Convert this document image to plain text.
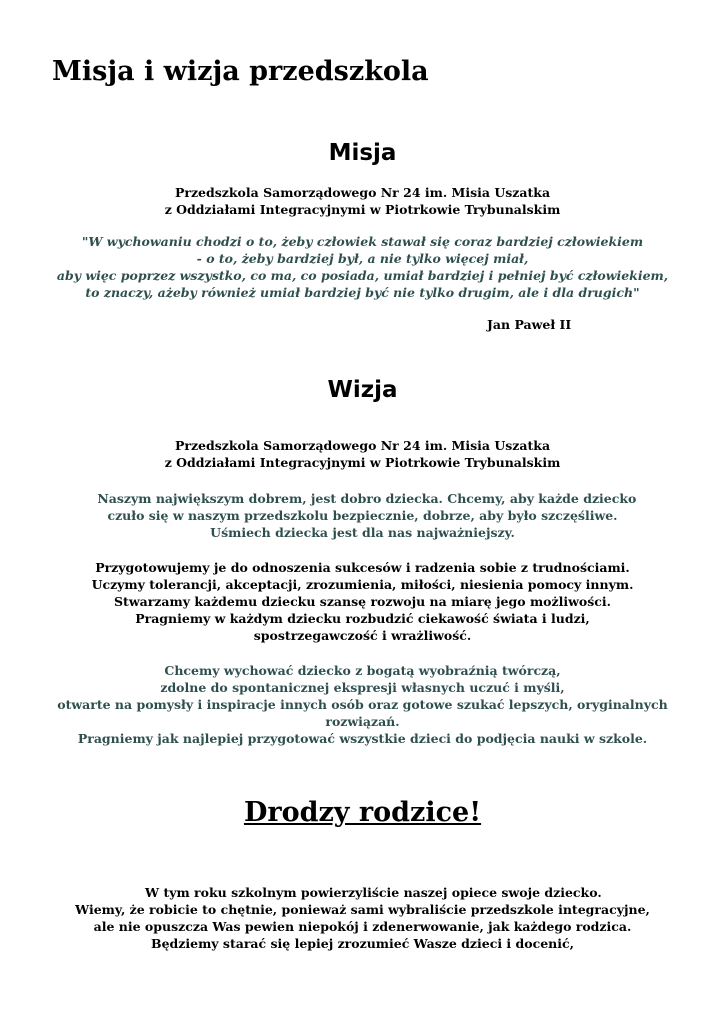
Misja i wizja przedszkola
Misja
Przedszkola Samorządowego Nr 24 im. Misia Uszatka
z Oddziałami Integracyjnymi w Piotrkowie Trybunalskim
"W wychowaniu chodzi o to, żeby człowiek stawał się coraz bardziej człowiekiem
- o to, żeby bardziej był, a nie tylko więcej miał,
aby więc poprzez wszystko, co ma, co posiada, umiał bardziej i pełniej być człowiekiem,
to znaczy, ażeby również umiał bardziej być nie tylko drugim, ale i dla drugich"
Jan Paweł II
Wizja
Przedszkola Samorządowego Nr 24 im. Misia Uszatka
z Oddziałami Integracyjnymi w Piotrkowie Trybunalskim
Naszym największym dobrem, jest dobro dziecka. Chcemy, aby każde dziecko
czuło się w naszym przedszkolu bezpiecznie, dobrze, aby było szczęśliwe.
Uśmiech dziecka jest dla nas najważniejszy.
Przygotowujemy je do odnoszenia sukcesów i radzenia sobie z trudnościami.
Uczymy tolerancji, akceptacji, zrozumienia, miłości, niesienia pomocy innym.
Stwarzamy każdemu dziecku szansę rozwoju na miarę jego możliwości.
Pragniemy w każdym dziecku rozbudzić ciekawość świata i ludzi,
spostrzegawczość i wrażliwość.
Chcemy wychować dziecko z bogatą wyobraźnią twórczą,
zdolne do spontanicznej ekspresji własnych uczuć i myśli,
otwarte na pomysły i inspiracje innych osób oraz gotowe szukać lepszych, oryginalnych
rozwiązań.
Pragniemy jak najlepiej przygotować wszystkie dzieci do podjęcia nauki w szkole.
Drodzy rodzice!
W tym roku szkolnym powierzyliście naszej opiece swoje dziecko.
Wiemy, że robicie to chętnie, ponieważ sami wybraliście przedszkole integracyjne,
ale nie opuszcza Was pewien niepokój i zdenerwowanie, jak każdego rodzica.
Będziemy starać się lepiej zrozumieć Wasze dzieci i docenić,
